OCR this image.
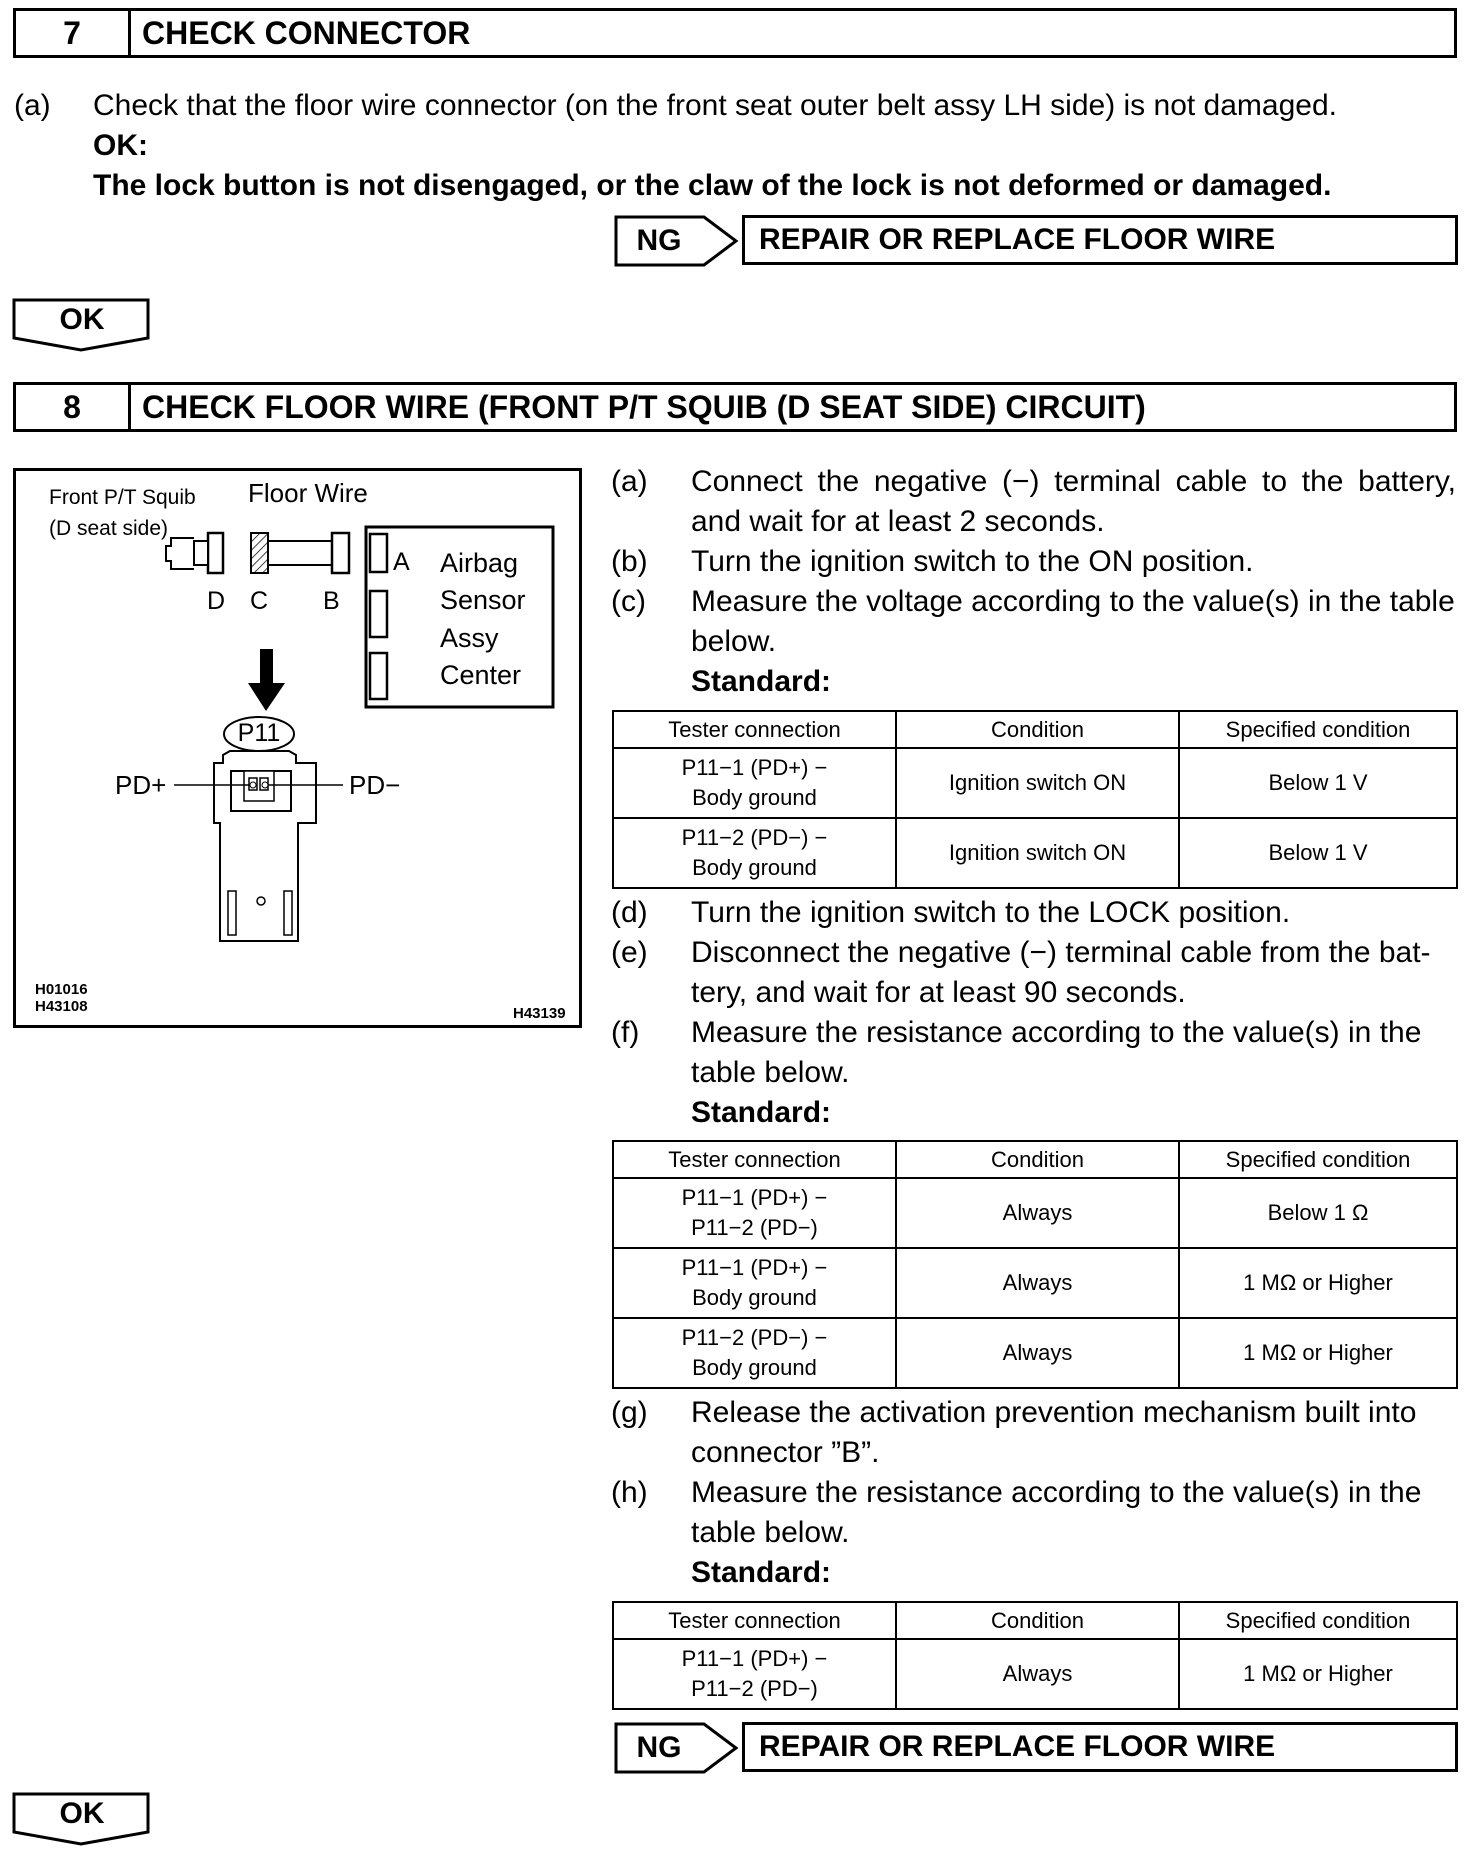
7	CHECK CONNECTOR
(a) Check that the floor wire connector (on the front seat outer belt assy LH side) is not damaged.
OK:
The lock button is not disengaged, or the claw of the lock is not deformed or damaged.
NG	REPAIR OR REPLACE FLOOR WIRE
OK
8	CHECK FLOOR WIRE (FRONT P/T SQUIB (D SEAT SIDE) CIRCUIT)
Front P/T Squib
(D seat side)
Floor Wire
D C B
A Airbag
Sensor
Assy
Center
P11
PD+	PD−
H01016
H43108	H43139
(a) Connect the negative (−) terminal cable to the battery,
and wait for at least 2 seconds.
(b) Turn the ignition switch to the ON position.
(c) Measure the voltage according to the value(s) in the table
below.
Standard:
Tester connection	Condition	Specified condition

P11−1 (PD+) −
Body ground	Ignition switch ON	Below 1 V

P11−2 (PD−) −
Body ground	Ignition switch ON	Below 1 V
(d) Turn the ignition switch to the LOCK position.
(e) Disconnect the negative (−) terminal cable from the bat-
tery, and wait for at least 90 seconds.
(f) Measure the resistance according to the value(s) in the
table below.
Standard:
Tester connection	Condition	Specified condition

P11−1 (PD+) −
P11−2 (PD−)	Always	Below 1 Ω

P11−1 (PD+) −
Body ground	Always	1 MΩ or Higher

P11−2 (PD−) −
Body ground	Always	1 MΩ or Higher
(g) Release the activation prevention mechanism built into
connector ”B”.
(h) Measure the resistance according to the value(s) in the
table below.
Standard:
Tester connection	Condition	Specified condition

P11−1 (PD+) −
P11−2 (PD−)	Always	1 MΩ or Higher
NG	REPAIR OR REPLACE FLOOR WIRE
OK
